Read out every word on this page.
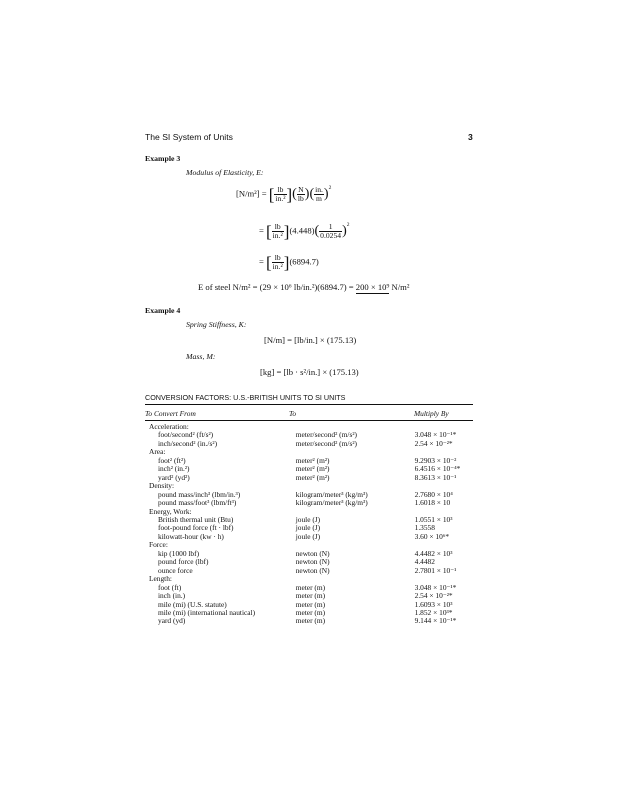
The SI System of Units	3
Example 3
Modulus of Elasticity, E:
[N/m²] = [ $\frac{lb}{\text{in.²}}$ ]( $\frac{N}{lb}$ )( $\frac{in.}{m} )^2$
= [ $\frac{lb}{\text{in.²}} ](4.448)( \frac{1}{0.0254} )^2$
= [ $\frac{lb}{\text{in.²}} ](6894.7)$
E of steel N/m² = (29 × 10⁶ lb/in.²)(6894.7) = 200 × 10⁹ N/m²
Example 4
Spring Stiffness, K:
[N/m] = [lb/in.] × (175.13)
Mass, M:
[kg] = [lb · s²/in.] × (175.13)
CONVERSION FACTORS: U.S.-BRITISH UNITS TO SI UNITS
To Convert From	To	Multiply By
Acceleration:		
foot/second² (ft/s²)	meter/second² (m/s²)	3.048 × 10⁻¹*
inch/second² (in./s²)	meter/second² (m/s²)	2.54 × 10⁻²*
Area:		
foot² (ft²)	meter² (m²)	9.2903 × 10⁻²
inch² (in.²)	meter² (m²)	6.4516 × 10⁻⁴*
yard² (yd²)	meter² (m²)	8.3613 × 10⁻¹
Density:		
pound mass/inch³ (lbm/in.³)	kilogram/meter³ (kg/m³)	2.7680 × 10⁴
pound mass/foot³ (lbm/ft³)	kilogram/meter³ (kg/m³)	1.6018 × 10
Energy, Work:		
British thermal unit (Btu)	joule (J)	1.0551 × 10³
foot-pound force (ft · lbf)	joule (J)	1.3558
kilowatt-hour (kw · h)	joule (J)	3.60 × 10⁶*
Force:		
kip (1000 lbf)	newton (N)	4.4482 × 10³
pound force (lbf)	newton (N)	4.4482
ounce force	newton (N)	2.7801 × 10⁻¹
Length:		
foot (ft)	meter (m)	3.048 × 10⁻¹*
inch (in.)	meter (m)	2.54 × 10⁻²*
mile (mi) (U.S. statute)	meter (m)	1.6093 × 10³
mile (mi) (international nautical)	meter (m)	1.852 × 10³*
yard (yd)	meter (m)	9.144 × 10⁻¹*
